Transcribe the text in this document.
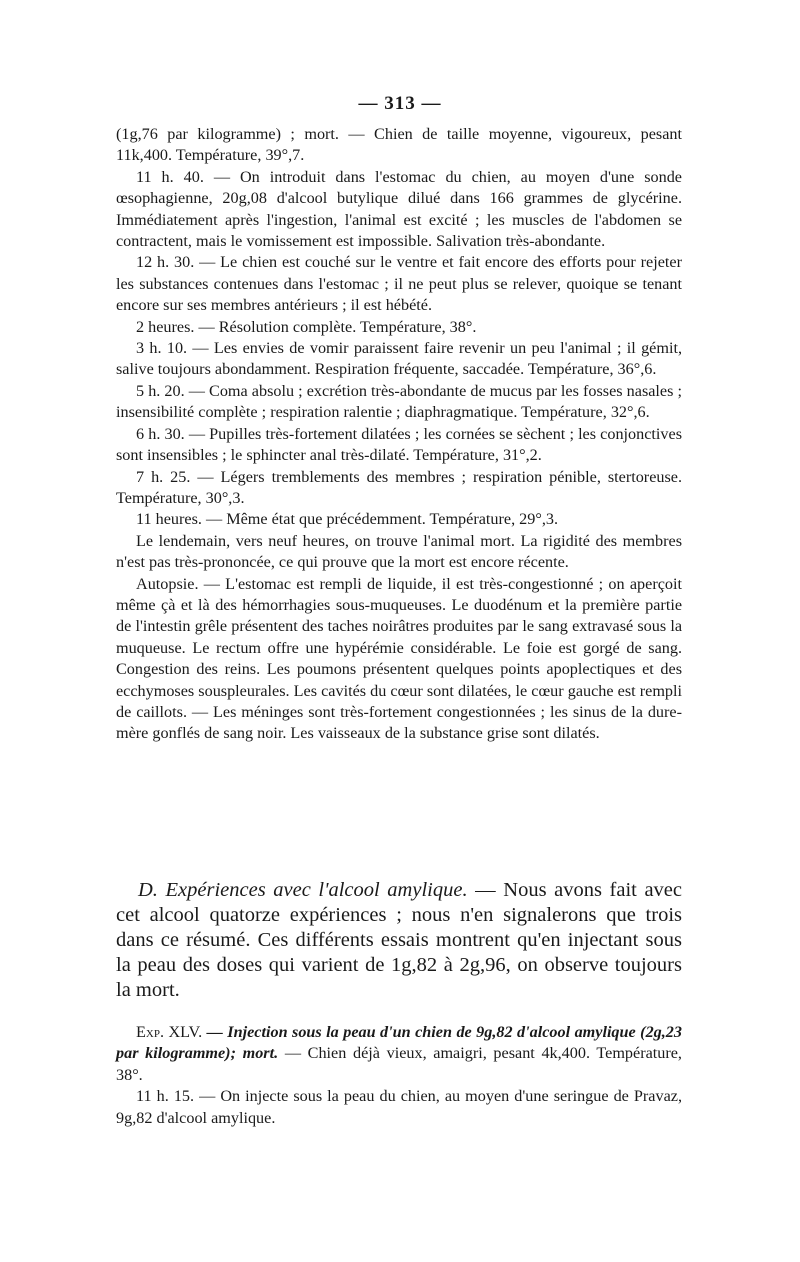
— 313 —

(1g,76 par kilogramme) ; mort. — Chien de taille moyenne, vigoureux, pesant 11k,400. Température, 39°,7.

11 h. 40. — On introduit dans l'estomac du chien, au moyen d'une sonde œsophagienne, 20g,08 d'alcool butylique dilué dans 166 grammes de glycérine. Immédiatement après l'ingestion, l'animal est excité ; les muscles de l'abdomen se contractent, mais le vomissement est impossible. Salivation très-abondante.

12 h. 30. — Le chien est couché sur le ventre et fait encore des efforts pour rejeter les substances contenues dans l'estomac ; il ne peut plus se relever, quoique se tenant encore sur ses membres antérieurs ; il est hébété.

2 heures. — Résolution complète. Température, 38°.

3 h. 10. — Les envies de vomir paraissent faire revenir un peu l'animal ; il gémit, salive toujours abondamment. Respiration fréquente, saccadée. Température, 36°,6.

5 h. 20. — Coma absolu ; excrétion très-abondante de mucus par les fosses nasales ; insensibilité complète ; respiration ralentie ; diaphragmatique. Température, 32°,6.

6 h. 30. — Pupilles très-fortement dilatées ; les cornées se sèchent ; les conjonctives sont insensibles ; le sphincter anal très-dilaté. Température, 31°,2.

7 h. 25. — Légers tremblements des membres ; respiration pénible, stertoreuse. Température, 30°,3.

11 heures. — Même état que précédemment. Température, 29°,3.

Le lendemain, vers neuf heures, on trouve l'animal mort. La rigidité des membres n'est pas très-prononcée, ce qui prouve que la mort est encore récente.

Autopsie. — L'estomac est rempli de liquide, il est très-congestionné ; on aperçoit même çà et là des hémorrhagies sous-muqueuses. Le duodénum et la première partie de l'intestin grêle présentent des taches noirâtres produites par le sang extravasé sous la muqueuse. Le rectum offre une hypérémie considérable. Le foie est gorgé de sang. Congestion des reins. Les poumons présentent quelques points apoplectiques et des ecchymoses souspleurales. Les cavités du cœur sont dilatées, le cœur gauche est rempli de caillots. — Les méninges sont très-fortement congestionnées ; les sinus de la dure-mère gonflés de sang noir. Les vaisseaux de la substance grise sont dilatés.

D. Expériences avec l'alcool amylique. — Nous avons fait avec cet alcool quatorze expériences ; nous n'en signalerons que trois dans ce résumé. Ces différents essais montrent qu'en injectant sous la peau des doses qui varient de 1g,82 à 2g,96, on observe toujours la mort.

Exp. XLV. — Injection sous la peau d'un chien de 9g,82 d'alcool amylique (2g,23 par kilogramme); mort. — Chien déjà vieux, amaigri, pesant 4k,400. Température, 38°.

11 h. 15. — On injecte sous la peau du chien, au moyen d'une seringue de Pravaz, 9g,82 d'alcool amylique.
